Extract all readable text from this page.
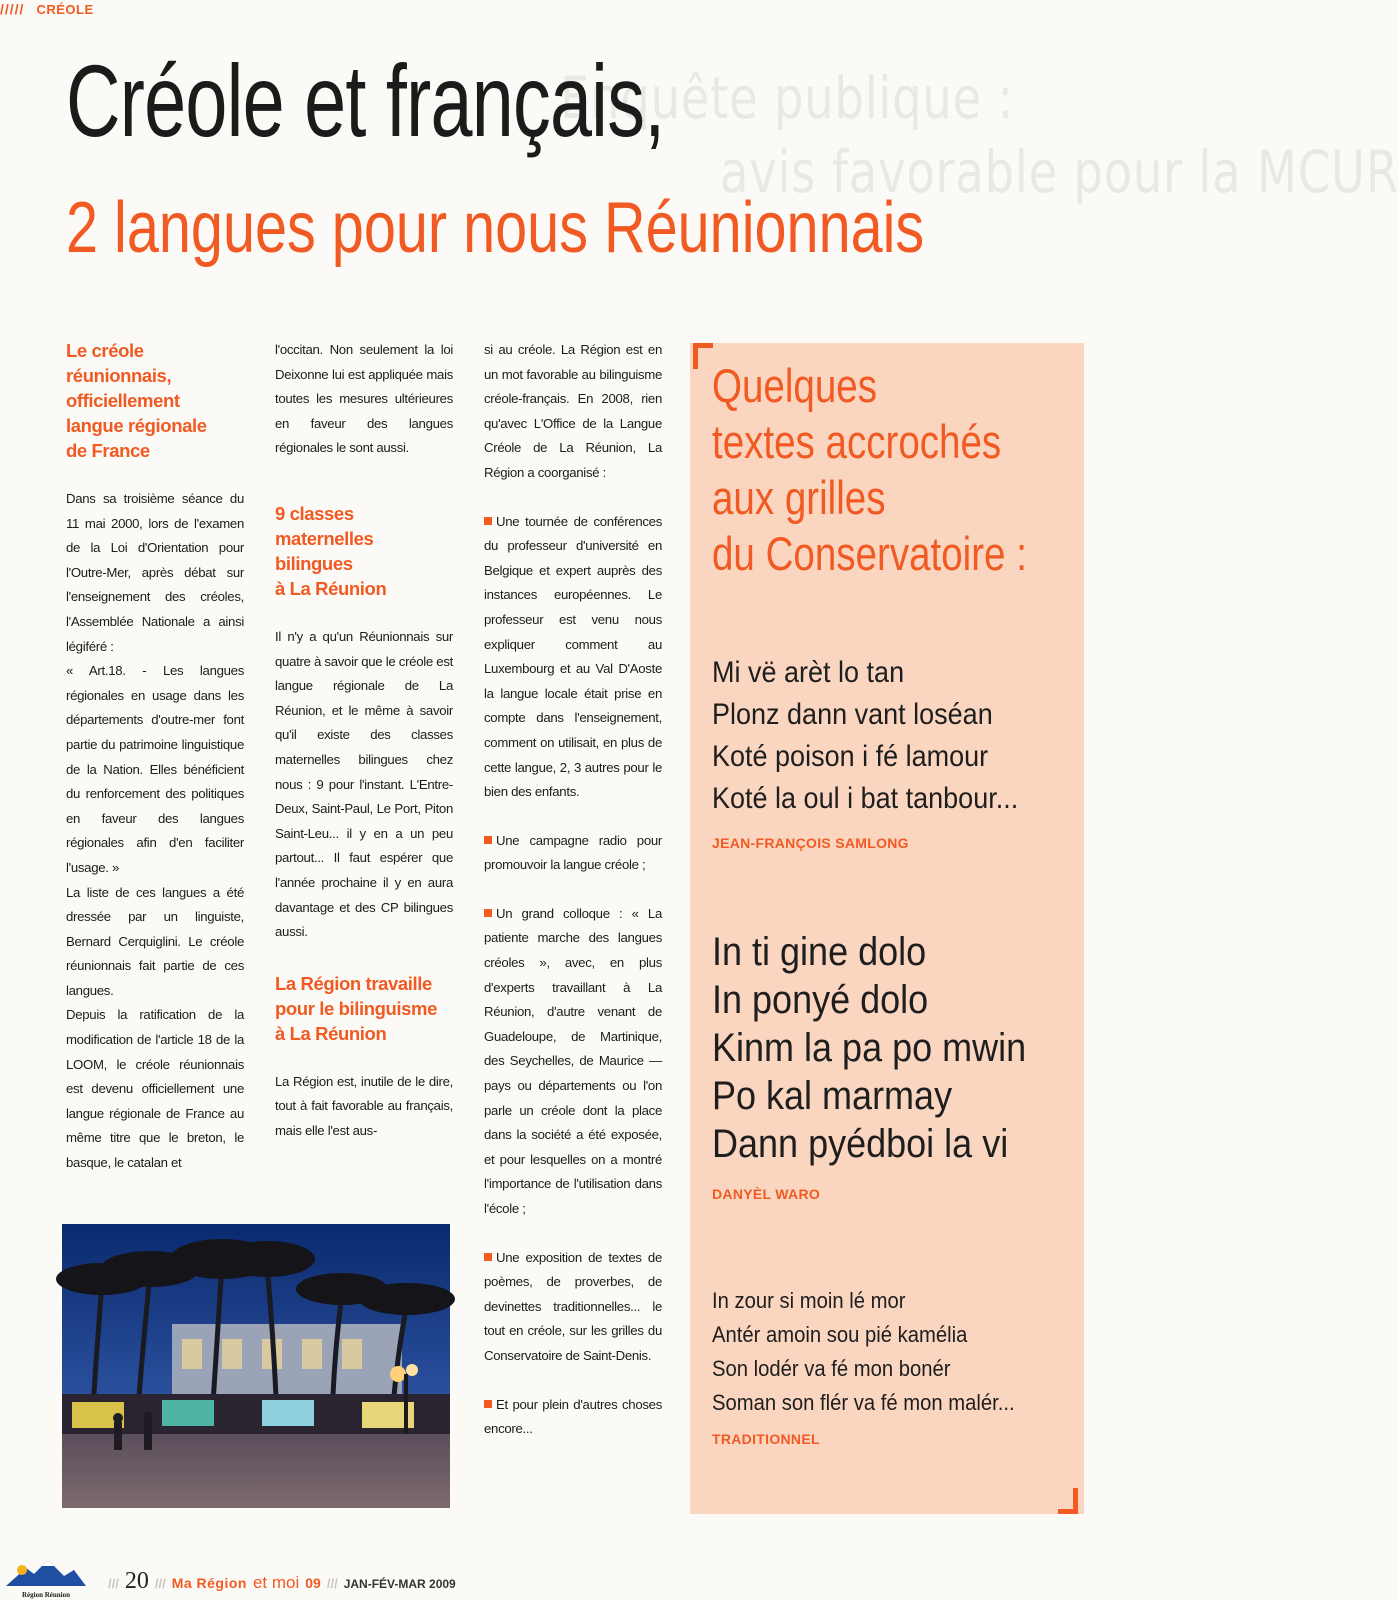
Enquête publique :
avis favorable pour la MCUR
///// CRÉOLE
Créole et français,
2 langues pour nous Réunionnais
Le créole
réunionnais,
officiellement
langue régionale
de France

Dans sa troisième séance du 11 mai 2000, lors de l'examen de la Loi d'Orientation pour l'Outre-Mer, après débat sur l'enseignement des créoles, l'Assemblée Nationale a ainsi légiféré :

« Art.18. - Les langues régionales en usage dans les départements d'outre-mer font partie du patrimoine linguistique de la Nation. Elles bénéficient du renforcement des politiques en faveur des langues régionales afin d'en faciliter l'usage. »

La liste de ces langues a été dressée par un linguiste, Bernard Cerquiglini. Le créole réunionnais fait partie de ces langues.

Depuis la ratification de la modification de l'article 18 de la LOOM, le créole réunionnais est devenu officiellement une langue régionale de France au même titre que le breton, le basque, le catalan et

l'occitan. Non seulement la loi Deixonne lui est appliquée mais toutes les mesures ultérieures en faveur des langues régionales le sont aussi.

9 classes
maternelles
bilingues
à La Réunion

Il n'y a qu'un Réunionnais sur quatre à savoir que le créole est langue régionale de La Réunion, et le même à savoir qu'il existe des classes maternelles bilingues chez nous : 9 pour l'instant. L'Entre-Deux, Saint-Paul, Le Port, Piton Saint-Leu... il y en a un peu partout... Il faut espérer que l'année prochaine il y en aura davantage et des CP bilingues aussi.

La Région travaille
pour le bilinguisme
à La Réunion

La Région est, inutile de le dire, tout à fait favorable au français, mais elle l'est aus-

si au créole. La Région est en un mot favorable au bilinguisme créole-français. En 2008, rien qu'avec L'Office de la Langue Créole de La Réunion, La Région a coorganisé :

Une tournée de conférences du professeur d'université en Belgique et expert auprès des instances européennes. Le professeur est venu nous expliquer comment au Luxembourg et au Val D'Aoste la langue locale était prise en compte dans l'enseignement, comment on utilisait, en plus de cette langue, 2, 3 autres pour le bien des enfants.

Une campagne radio pour promouvoir la langue créole ;

Un grand colloque : « La patiente marche des langues créoles », avec, en plus d'experts travaillant à La Réunion, d'autre venant de Guadeloupe, de Martinique, des Seychelles, de Maurice — pays ou départements ou l'on parle un créole dont la place dans la société a été exposée, et pour lesquelles on a montré l'importance de l'utilisation dans l'école ;

Une exposition de textes de poèmes, de proverbes, de devinettes traditionnelles... le tout en créole, sur les grilles du Conservatoire de Saint-Denis.

Et pour plein d'autres choses encore...

Quelques
textes accrochés
aux grilles
du Conservatoire :
Mi vë arèt lo tan
Plonz dann vant loséan
Koté poison i fé lamour
Koté la oul i bat tanbour...
JEAN-FRANÇOIS SAMLONG
In ti gine dolo
In ponyé dolo
Kinm la pa po mwin
Po kal marmay
Dann pyédboi la vi
DANYÈL WARO
In zour si moin lé mor
Antér amoin sou pié kamélia
Son lodér va fé mon bonér
Soman son flér va fé mon malér...
TRADITIONNEL
Région Réunion
/// 20 /// Ma Région et moi 09 /// JAN-FÉV-MAR 2009
